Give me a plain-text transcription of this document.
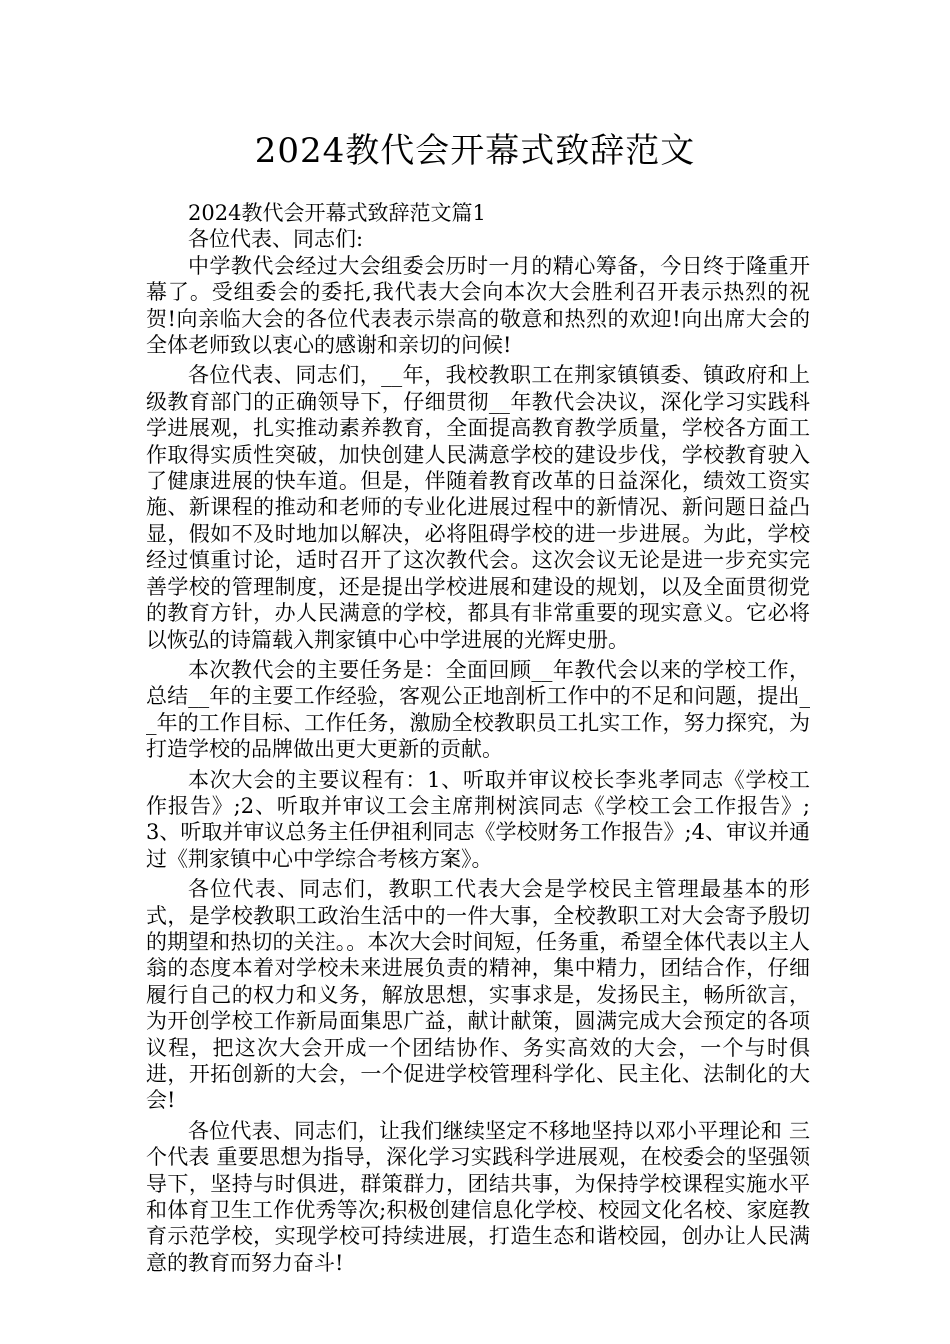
2024教代会开幕式致辞范文

2024教代会开幕式致辞范文篇1

各位代表、同志们:

中学教代会经过大会组委会历时一月的精心筹备，今日终于隆重开幕了。受组委会的委托,我代表大会向本次大会胜利召开表示热烈的祝贺!向亲临大会的各位代表表示崇高的敬意和热烈的欢迎!向出席大会的全体老师致以衷心的感谢和亲切的问候!

各位代表、同志们，__年，我校教职工在荆家镇镇委、镇政府和上级教育部门的正确领导下，仔细贯彻__年教代会决议，深化学习实践科学进展观，扎实推动素养教育，全面提高教育教学质量，学校各方面工作取得实质性突破，加快创建人民满意学校的建设步伐，学校教育驶入了健康进展的快车道。但是，伴随着教育改革的日益深化，绩效工资实施、新课程的推动和老师的专业化进展过程中的新情况、新问题日益凸显，假如不及时地加以解决，必将阻碍学校的进一步进展。为此，学校经过慎重讨论，适时召开了这次教代会。这次会议无论是进一步充实完善学校的管理制度，还是提出学校进展和建设的规划，以及全面贯彻党的教育方针，办人民满意的学校，都具有非常重要的现实意义。它必将以恢弘的诗篇载入荆家镇中心中学进展的光辉史册。

本次教代会的主要任务是：全面回顾__年教代会以来的学校工作，总结__年的主要工作经验，客观公正地剖析工作中的不足和问题，提出__年的工作目标、工作任务，激励全校教职员工扎实工作，努力探究，为打造学校的品牌做出更大更新的贡献。

本次大会的主要议程有：1、听取并审议校长李兆孝同志《学校工作报告》;2、听取并审议工会主席荆树滨同志《学校工会工作报告》;3、听取并审议总务主任伊祖利同志《学校财务工作报告》;4、审议并通过《荆家镇中心中学综合考核方案》。

各位代表、同志们，教职工代表大会是学校民主管理最基本的形式，是学校教职工政治生活中的一件大事，全校教职工对大会寄予殷切的期望和热切的关注。。本次大会时间短，任务重，希望全体代表以主人翁的态度本着对学校未来进展负责的精神，集中精力，团结合作，仔细履行自己的权力和义务，解放思想，实事求是，发扬民主，畅所欲言，为开创学校工作新局面集思广益，献计献策，圆满完成大会预定的各项议程，把这次大会开成一个团结协作、务实高效的大会，一个与时俱进，开拓创新的大会，一个促进学校管理科学化、民主化、法制化的大会!

各位代表、同志们，让我们继续坚定不移地坚持以邓小平理论和 三个代表 重要思想为指导，深化学习实践科学进展观，在校委会的坚强领导下，坚持与时俱进，群策群力，团结共事，为保持学校课程实施水平和体育卫生工作优秀等次;积极创建信息化学校、校园文化名校、家庭教育示范学校，实现学校可持续进展，打造生态和谐校园，创办让人民满意的教育而努力奋斗!
